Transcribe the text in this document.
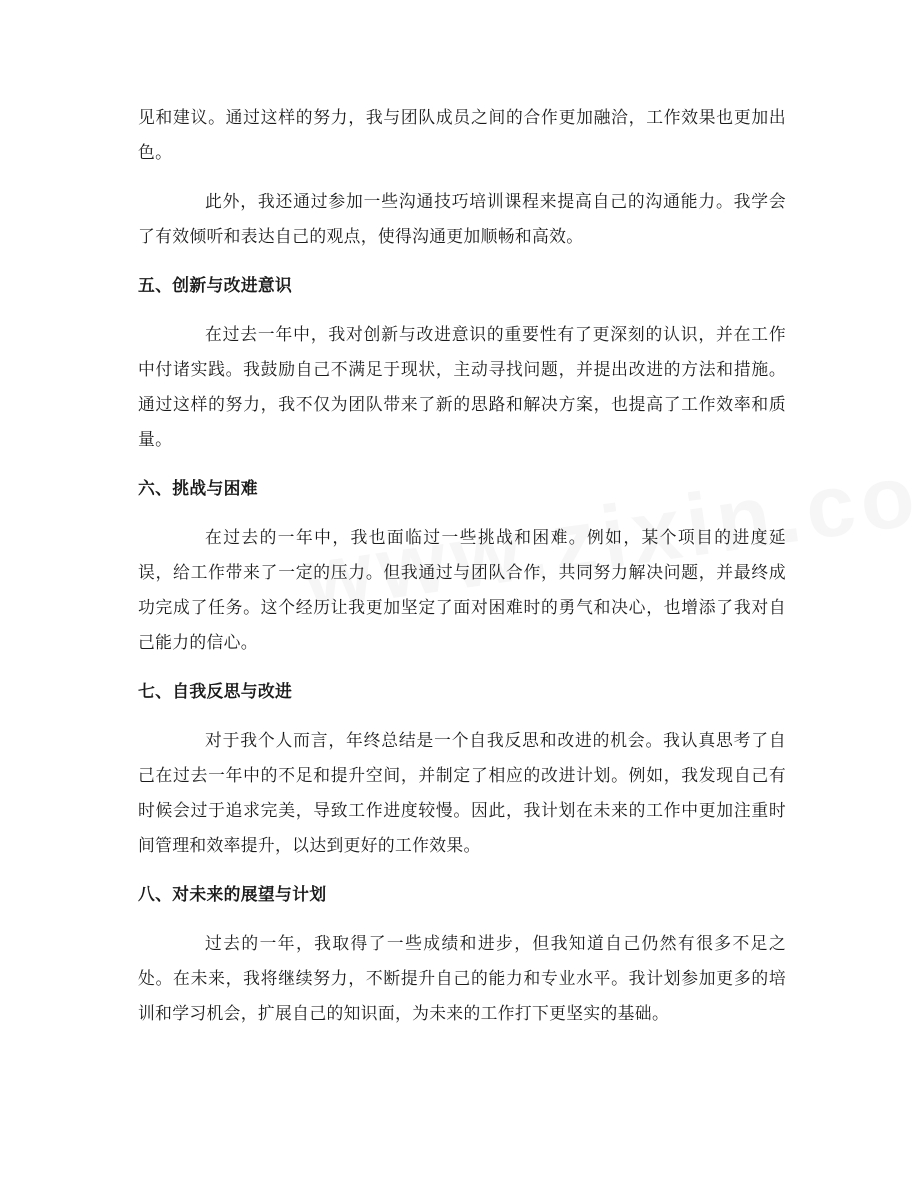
见和建议。通过这样的努力，我与团队成员之间的合作更加融洽，工作效果也更加出色。

此外，我还通过参加一些沟通技巧培训课程来提高自己的沟通能力。我学会了有效倾听和表达自己的观点，使得沟通更加顺畅和高效。

五、创新与改进意识

在过去一年中，我对创新与改进意识的重要性有了更深刻的认识，并在工作中付诸实践。我鼓励自己不满足于现状，主动寻找问题，并提出改进的方法和措施。通过这样的努力，我不仅为团队带来了新的思路和解决方案，也提高了工作效率和质量。

六、挑战与困难

在过去的一年中，我也面临过一些挑战和困难。例如，某个项目的进度延误，给工作带来了一定的压力。但我通过与团队合作，共同努力解决问题，并最终成功完成了任务。这个经历让我更加坚定了面对困难时的勇气和决心，也增添了我对自己能力的信心。

七、自我反思与改进

对于我个人而言，年终总结是一个自我反思和改进的机会。我认真思考了自己在过去一年中的不足和提升空间，并制定了相应的改进计划。例如，我发现自己有时候会过于追求完美，导致工作进度较慢。因此，我计划在未来的工作中更加注重时间管理和效率提升，以达到更好的工作效果。

八、对未来的展望与计划

过去的一年，我取得了一些成绩和进步，但我知道自己仍然有很多不足之处。在未来，我将继续努力，不断提升自己的能力和专业水平。我计划参加更多的培训和学习机会，扩展自己的知识面，为未来的工作打下更坚实的基础。
